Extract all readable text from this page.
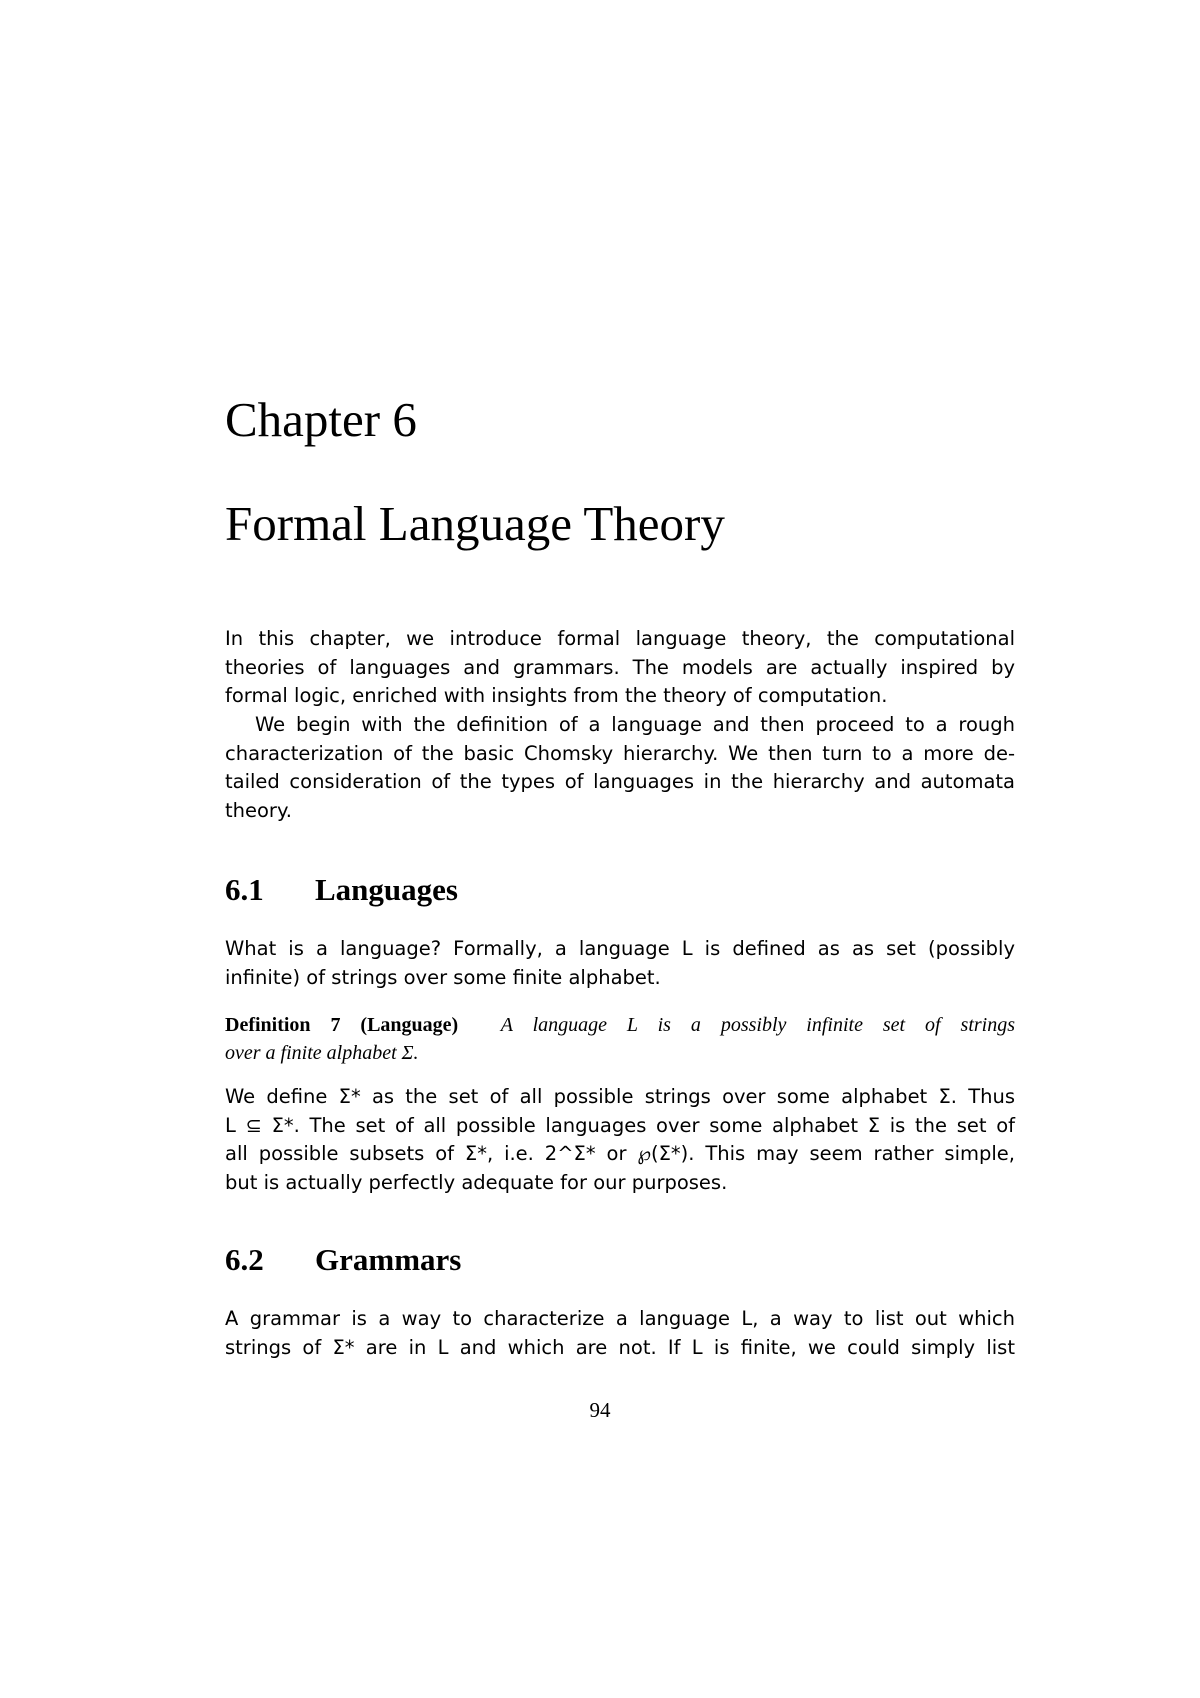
Chapter 6
Formal Language Theory
In this chapter, we introduce formal language theory, the computational
theories of languages and grammars. The models are actually inspired by
formal logic, enriched with insights from the theory of computation.
We begin with the definition of a language and then proceed to a rough
characterization of the basic Chomsky hierarchy. We then turn to a more de-
tailed consideration of the types of languages in the hierarchy and automata
theory.
6.1 Languages
What is a language? Formally, a language L is defined as as set (possibly
infinite) of strings over some finite alphabet.
Definition 7 (Language) A language L is a possibly infinite set of strings
over a finite alphabet Σ.
We define Σ* as the set of all possible strings over some alphabet Σ. Thus
L ⊆ Σ*. The set of all possible languages over some alphabet Σ is the set of
all possible subsets of Σ*, i.e. 2^Σ* or ℘(Σ*). This may seem rather simple,
but is actually perfectly adequate for our purposes.
6.2 Grammars
A grammar is a way to characterize a language L, a way to list out which
strings of Σ* are in L and which are not. If L is finite, we could simply list
94
